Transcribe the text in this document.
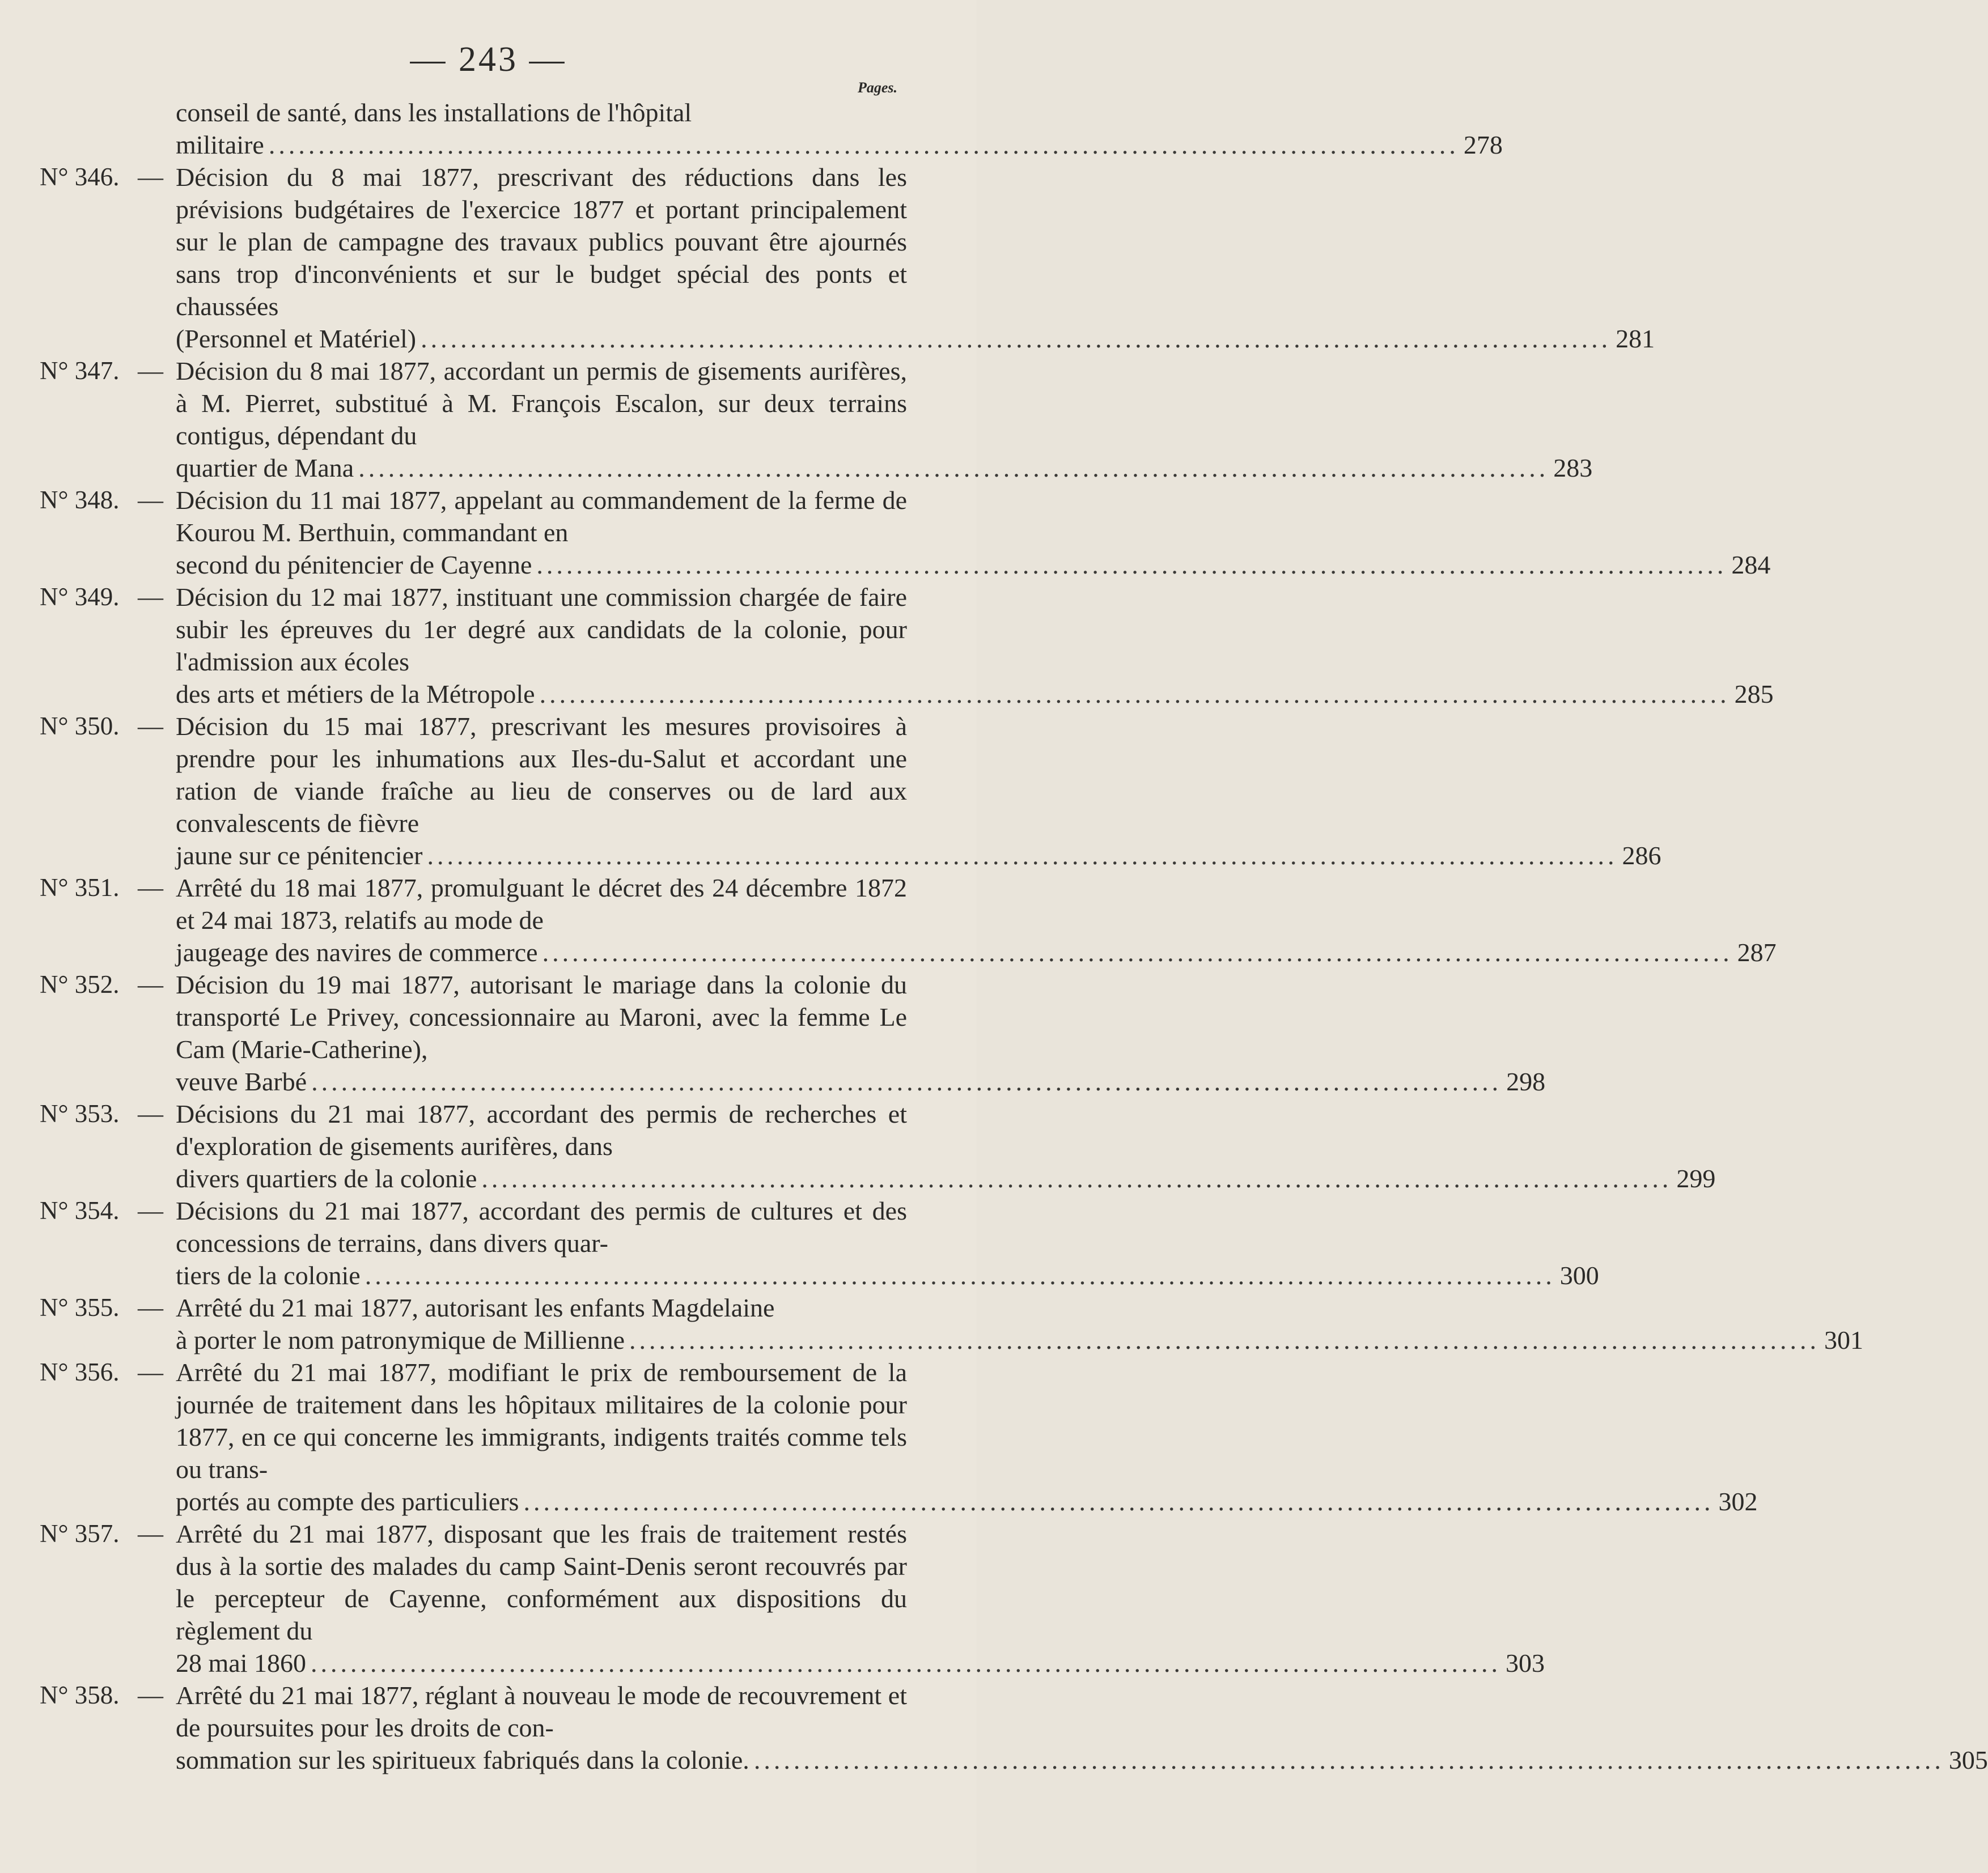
— 243 —
Pages.
conseil de santé, dans les installations de l'hôpital
militaire ........................................................................................................................ 278
N° 346. — Décision du 8 mai 1877, prescrivant des réductions dans les prévisions budgétaires de l'exercice 1877 et portant principalement sur le plan de campagne des travaux publics pouvant être ajournés sans trop d'inconvénients et sur le budget spécial des ponts et chaussées
(Personnel et Matériel) ........................................................................................................................ 281
N° 347. — Décision du 8 mai 1877, accordant un permis de gisements aurifères, à M. Pierret, substitué à M. François Escalon, sur deux terrains contigus, dépendant du
quartier de Mana ........................................................................................................................ 283
N° 348. — Décision du 11 mai 1877, appelant au commandement de la ferme de Kourou M. Berthuin, commandant en
second du pénitencier de Cayenne ........................................................................................................................ 284
N° 349. — Décision du 12 mai 1877, instituant une commission chargée de faire subir les épreuves du 1er degré aux candidats de la colonie, pour l'admission aux écoles
des arts et métiers de la Métropole ........................................................................................................................ 285
N° 350. — Décision du 15 mai 1877, prescrivant les mesures provisoires à prendre pour les inhumations aux Iles-du-Salut et accordant une ration de viande fraîche au lieu de conserves ou de lard aux convalescents de fièvre
jaune sur ce pénitencier ........................................................................................................................ 286
N° 351. — Arrêté du 18 mai 1877, promulguant le décret des 24 décembre 1872 et 24 mai 1873, relatifs au mode de
jaugeage des navires de commerce ........................................................................................................................ 287
N° 352. — Décision du 19 mai 1877, autorisant le mariage dans la colonie du transporté Le Privey, concessionnaire au Maroni, avec la femme Le Cam (Marie-Catherine),
veuve Barbé ........................................................................................................................ 298
N° 353. — Décisions du 21 mai 1877, accordant des permis de recherches et d'exploration de gisements aurifères, dans
divers quartiers de la colonie ........................................................................................................................ 299
N° 354. — Décisions du 21 mai 1877, accordant des permis de cultures et des concessions de terrains, dans divers quar-
tiers de la colonie ........................................................................................................................ 300
N° 355. — Arrêté du 21 mai 1877, autorisant les enfants Magdelaine
à porter le nom patronymique de Millienne ........................................................................................................................ 301
N° 356. — Arrêté du 21 mai 1877, modifiant le prix de remboursement de la journée de traitement dans les hôpitaux militaires de la colonie pour 1877, en ce qui concerne les immigrants, indigents traités comme tels ou trans-
portés au compte des particuliers ........................................................................................................................ 302
N° 357. — Arrêté du 21 mai 1877, disposant que les frais de traitement restés dus à la sortie des malades du camp Saint-Denis seront recouvrés par le percepteur de Cayenne, conformément aux dispositions du règlement du
28 mai 1860 ........................................................................................................................ 303
N° 358. — Arrêté du 21 mai 1877, réglant à nouveau le mode de recouvrement et de poursuites pour les droits de con-
sommation sur les spiritueux fabriqués dans la colonie. ........................................................................................................................ 305
